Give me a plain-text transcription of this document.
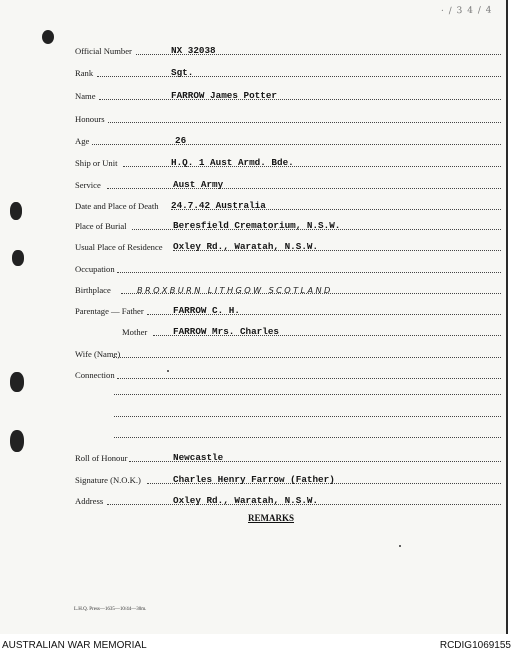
· / 3 4 / 4
Official Number	NX 32038
Rank	Sgt.
Name	FARROW James Potter
Honours
Age	26
Ship or Unit	H.Q. 1 Aust Armd. Bde.
Service	Aust Army
Date and Place of Death 24.7.42 Australia
Place of Burial	Beresfield Crematorium, N.S.W.
Usual Place of Residence Oxley Rd., Waratah, N.S.W.
Occupation
Birthplace	BROXBURN LITHGOW SCOTLAND
Parentage — Father	FARROW C. H.
Mother	FARROW Mrs. Charles
Wife (Name)
Connection
Roll of Honour	Newcastle
Signature (N.O.K.)	Charles Henry Farrow (Father)
Address	Oxley Rd., Waratah, N.S.W.
REMARKS
L.H.Q. Press—1635—10/44—30m.
AUSTRALIAN WAR MEMORIAL	RCDIG1069155
